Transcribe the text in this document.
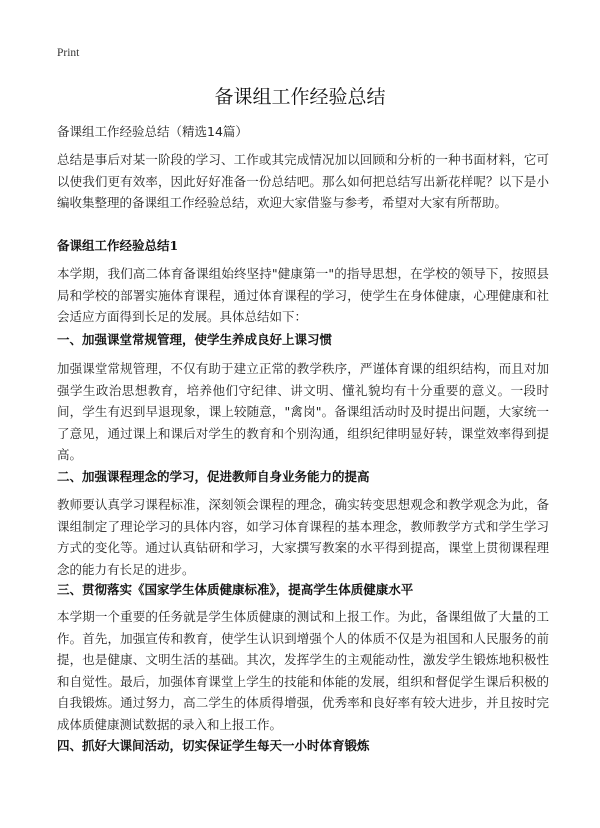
Print
备课组工作经验总结

备课组工作经验总结（精选14篇）

总结是事后对某一阶段的学习、工作或其完成情况加以回顾和分析的一种书面材料，它可以使我们更有效率，因此好好准备一份总结吧。那么如何把总结写出新花样呢？以下是小编收集整理的备课组工作经验总结，欢迎大家借鉴与参考，希望对大家有所帮助。

备课组工作经验总结1

本学期，我们高二体育备课组始终坚持"健康第一"的指导思想，在学校的领导下，按照县局和学校的部署实施体育课程，通过体育课程的学习，使学生在身体健康，心理健康和社会适应方面得到长足的发展。具体总结如下：

一、加强课堂常规管理，使学生养成良好上课习惯

加强课堂常规管理，不仅有助于建立正常的教学秩序，严谨体育课的组织结构，而且对加强学生政治思想教育，培养他们守纪律、讲文明、懂礼貌均有十分重要的意义。一段时间，学生有迟到早退现象，课上较随意，"禽岗"。备课组活动时及时提出问题，大家统一了意见，通过课上和课后对学生的教育和个别沟通，组织纪律明显好转，课堂效率得到提高。

二、加强课程理念的学习，促进教师自身业务能力的提高

教师要认真学习课程标准，深刻领会课程的理念，确实转变思想观念和教学观念为此，备课组制定了理论学习的具体内容，如学习体育课程的基本理念，教师教学方式和学生学习方式的变化等。通过认真钻研和学习，大家撰写教案的水平得到提高，课堂上贯彻课程理念的能力有长足的进步。

三、贯彻落实《国家学生体质健康标准》，提高学生体质健康水平

本学期一个重要的任务就是学生体质健康的测试和上报工作。为此，备课组做了大量的工作。首先，加强宣传和教育，使学生认识到增强个人的体质不仅是为祖国和人民服务的前提，也是健康、文明生活的基础。其次，发挥学生的主观能动性，激发学生锻炼地积极性和自觉性。最后，加强体育课堂上学生的技能和体能的发展，组织和督促学生课后积极的自我锻炼。通过努力，高二学生的体质得增强，优秀率和良好率有较大进步，并且按时完成体质健康测试数据的录入和上报工作。

四、抓好大课间活动，切实保证学生每天一小时体育锻炼
